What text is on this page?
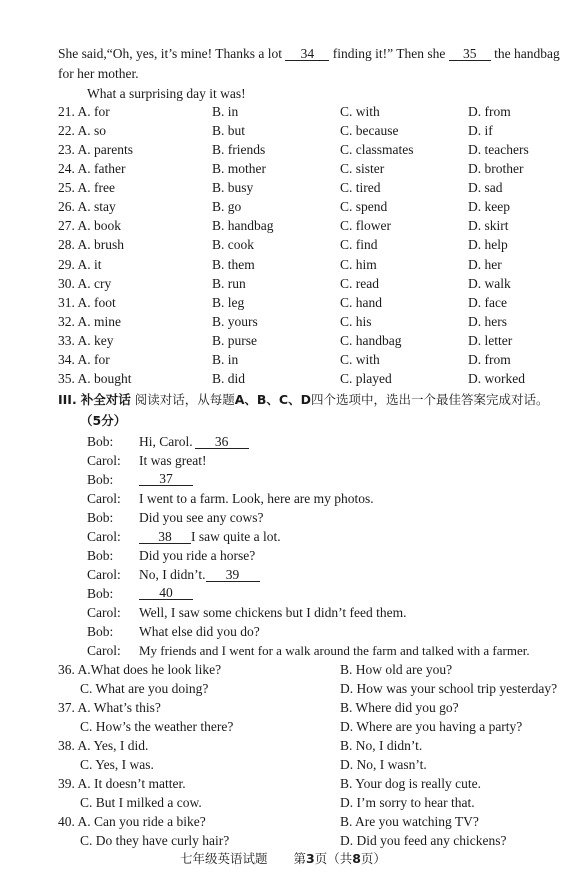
She said,“Oh, yes, it’s mine! Thanks a lot 34 finding it!” Then she 35 the handbag
for her mother.
What a surprising day it was!
21. A. for	B. in	C. with	D. from
22. A. so	B. but	C. because	D. if
23. A. parents	B. friends	C. classmates	D. teachers
24. A. father	B. mother	C. sister	D. brother
25. A. free	B. busy	C. tired	D. sad
26. A. stay	B. go	C. spend	D. keep
27. A. book	B. handbag	C. flower	D. skirt
28. A. brush	B. cook	C. find	D. help
29. A. it	B. them	C. him	D. her
30. A. cry	B. run	C. read	D. walk
31. A. foot	B. leg	C. hand	D. face
32. A. mine	B. yours	C. his	D. hers
33. A. key	B. purse	C. handbag	D. letter
34. A. for	B. in	C. with	D. from
35. A. bought	B. did	C. played	D. worked
III. 补全对话 阅读对话，从每题A、B、C、D四个选项中，选出一个最佳答案完成对话。
（5分）
Bob: Hi, Carol. 36
Carol: It was great!
Bob:	37
Carol: I went to a farm. Look, here are my photos.
Bob: Did you see any cows?
Carol:	38 I saw quite a lot.
Bob: Did you ride a horse?
Carol: No, I didn’t. 39
Bob:	40
Carol: Well, I saw some chickens but I didn’t feed them.
Bob: What else did you do?
Carol: My friends and I went for a walk around the farm and talked with a farmer.
36. A.What does he look like?	B. How old are you?
C. What are you doing?	D. How was your school trip yesterday?
37. A. What’s this?	B. Where did you go?
C. How’s the weather there?	D. Where are you having a party?
38. A. Yes, I did.	B. No, I didn’t.
C. Yes, I was.	D. No, I wasn’t.
39. A. It doesn’t matter.	B. Your dog is really cute.
C. But I milked a cow.	D. I’m sorry to hear that.
40. A. Can you ride a bike?	B. Are you watching TV?
C. Do they have curly hair?	D. Did you feed any chickens?
七年级英语试题 第3页（共8页）
